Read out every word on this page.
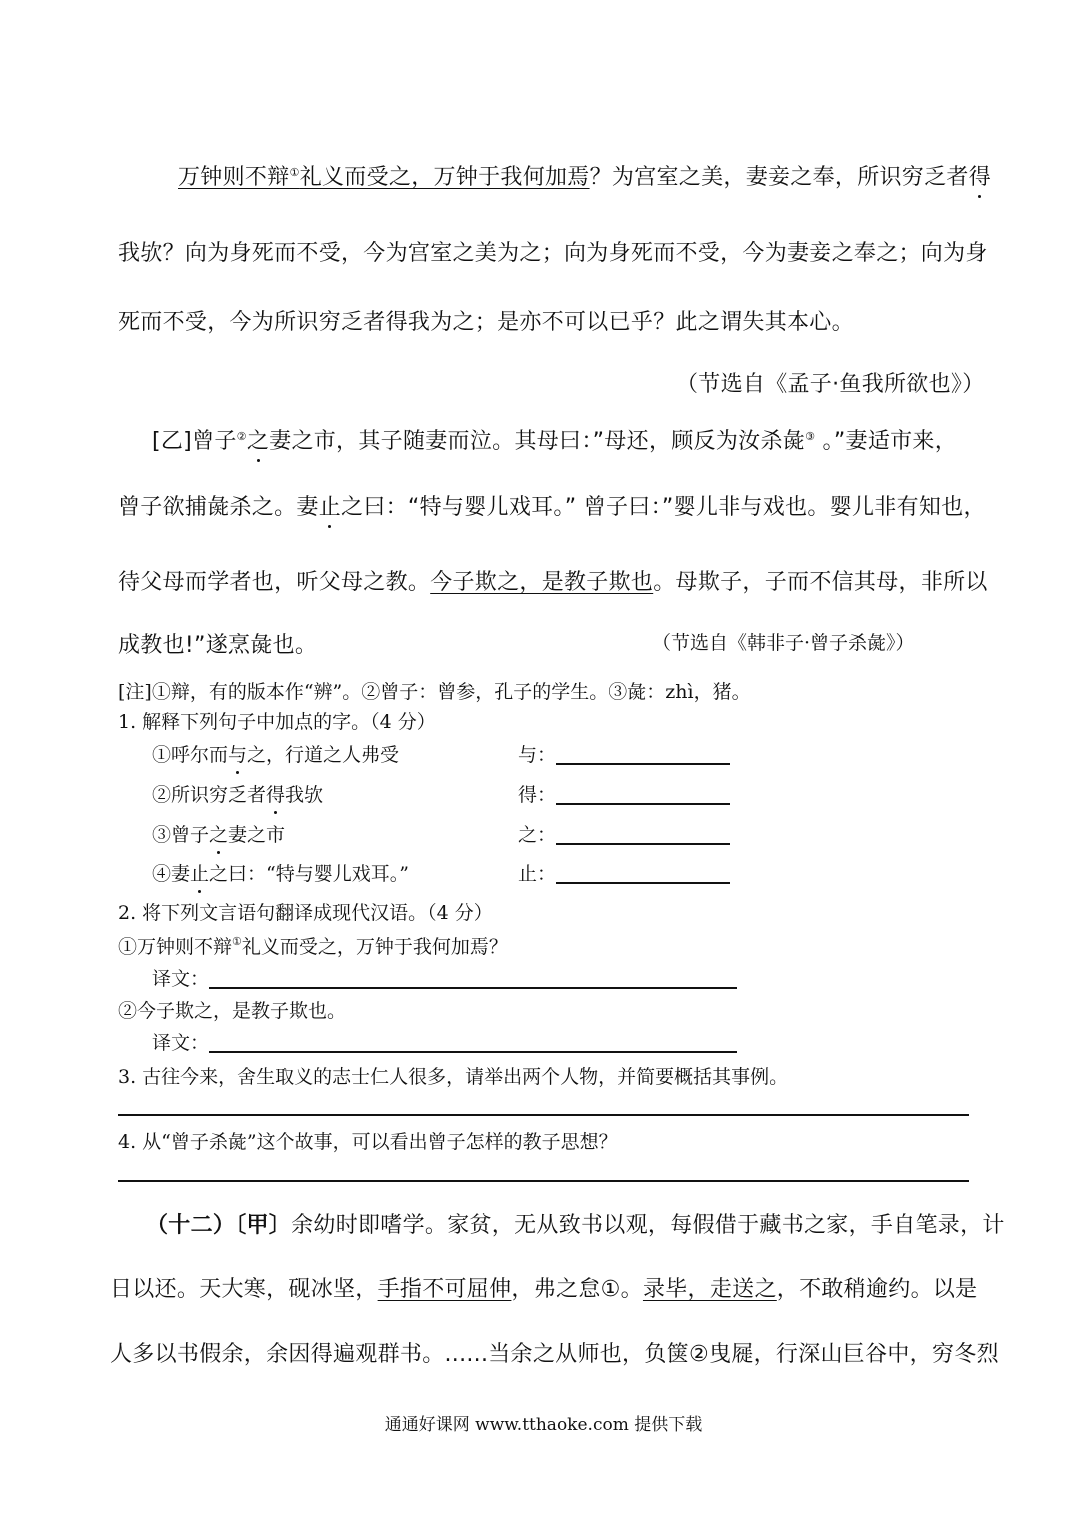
万钟则不辩①礼义而受之，万钟于我何加焉？为宫室之美，妻妾之奉，所识穷乏者得
我欤？向为身死而不受，今为宫室之美为之；向为身死而不受，今为妻妾之奉之；向为身
死而不受，今为所识穷乏者得我为之；是亦不可以已乎？此之谓失其本心。
（节选自《孟子·鱼我所欲也》）
[乙]曾子②之妻之市，其子随妻而泣。其母曰：”母还，顾反为汝杀彘③ 。”妻适市来，
曾子欲捕彘杀之。妻止之曰：“特与婴儿戏耳。” 曾子曰：”婴儿非与戏也。婴儿非有知也，
待父母而学者也，听父母之教。今子欺之，是教子欺也。母欺子，子而不信其母，非所以
成教也!”遂烹彘也。	（节选自《韩非子·曾子杀彘》）
[注]①辩，有的版本作“辨”。②曾子：曾参，孔子的学生。③彘：zhì，猪。
1. 解释下列句子中加点的字。（4 分）
①呼尔而与之，行道之人弗受	与：
②所识穷乏者得我欤	得：
③曾子之妻之市	之：
④妻止之曰：“特与婴儿戏耳。”	止：
2. 将下列文言语句翻译成现代汉语。（4 分）
①万钟则不辩①礼义而受之，万钟于我何加焉？
译文：
②今子欺之，是教子欺也。
译文：
3. 古往今来，舍生取义的志士仁人很多，请举出两个人物，并简要概括其事例。
4. 从“曾子杀彘”这个故事，可以看出曾子怎样的教子思想？
（十二）〔甲〕余幼时即嗜学。家贫，无从致书以观，每假借于藏书之家，手自笔录，计
日以还。天大寒，砚冰坚，手指不可屈伸，弗之怠①。录毕，走送之，不敢稍逾约。以是
人多以书假余，余因得遍观群书。......当余之从师也，负箧②曳屣，行深山巨谷中，穷冬烈
通通好课网 www.tthaoke.com 提供下载
